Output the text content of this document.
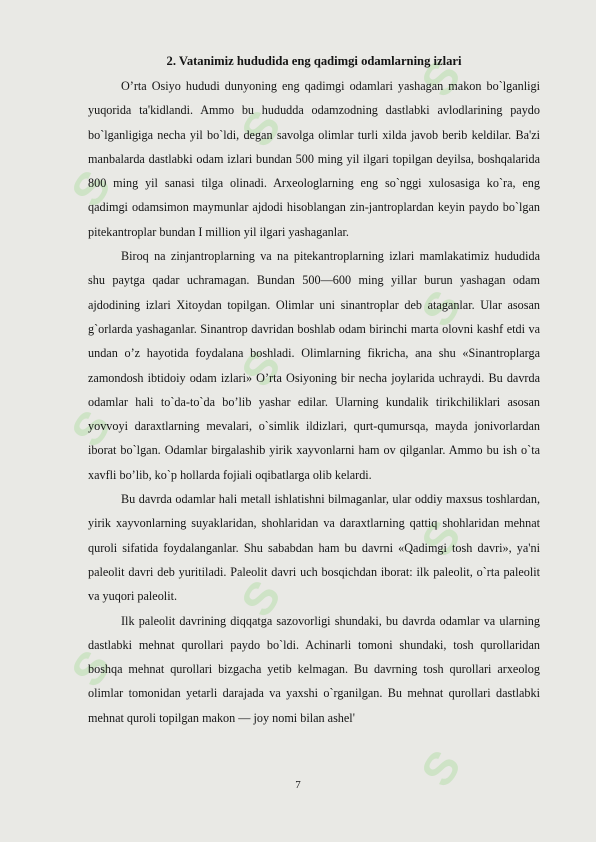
S
S
S
S
S
S
S
S
S
S
2. Vatanimiz hududida eng qadimgi odamlarning izlari

O’rta Osiyo hududi dunyoning eng qadimgi odamlari yashagan makon bo`lganligi yuqorida ta'kidlandi. Ammo bu hududda odamzodning dastlabki avlodlarining paydo bo`lganligiga necha yil bo`ldi, degan savolga olimlar turli xilda javob berib keldilar. Ba'zi manbalarda dastlabki odam izlari bundan 500 ming yil ilgari topilgan deyilsa, boshqalarida 800 ming yil sanasi tilga olinadi. Arxeologlarning eng so`nggi xulosasiga ko`ra, eng qadimgi odamsimon maymunlar ajdodi hisoblangan zin-jantroplardan keyin paydo bo`lgan pitekantroplar bundan I million yil ilgari yashaganlar.

Biroq na zinjantroplarning va na pitekantroplarning izlari mamlakatimiz hududida shu paytga qadar uchramagan. Bundan 500—600 ming yillar burun yashagan odam ajdodining izlari Xitoydan topilgan. Olimlar uni sinantroplar deb ataganlar. Ular asosan g`orlarda yashaganlar. Sinantrop davridan boshlab odam birinchi marta olovni kashf etdi va undan o’z hayotida foydalana boshladi. Olimlarning fikricha, ana shu «Sinantroplarga zamondosh ibtidoiy odam izlari» O’rta Osiyoning bir necha joylarida uchraydi. Bu davrda odamlar hali to`da-to`da bo’lib yashar edilar. Ularning kundalik tirikchiliklari asosan yovvoyi daraxtlarning mevalari, o`simlik ildizlari, qurt-qumursqa, mayda jonivorlardan iborat bo`lgan. Odamlar birgalashib yirik xayvonlarni ham ov qilganlar. Ammo bu ish o`ta xavfli bo’lib, ko`p hollarda fojiali oqibatlarga olib kelardi.

Bu davrda odamlar hali metall ishlatishni bilmaganlar, ular oddiy maxsus toshlardan, yirik xayvonlarning suyaklaridan, shohlaridan va daraxtlarning qattiq shohlaridan mehnat quroli sifatida foydalanganlar. Shu sababdan ham bu davrni «Qadimgi tosh davri», ya'ni paleolit davri deb yuritiladi. Paleolit davri uch bosqichdan iborat: ilk paleolit, o`rta paleolit va yuqori paleolit.

Ilk paleolit davrining diqqatga sazovorligi shundaki, bu davrda odamlar va ularning dastlabki mehnat qurollari paydo bo`ldi. Achinarli tomoni shundaki, tosh qurollaridan boshqa mehnat qurollari bizgacha yetib kelmagan. Bu davrning tosh qurollari arxeolog olimlar tomonidan yetarli darajada va yaxshi o`rganilgan. Bu mehnat qurollari dastlabki mehnat quroli topilgan makon — joy nomi bilan ashel'

7
